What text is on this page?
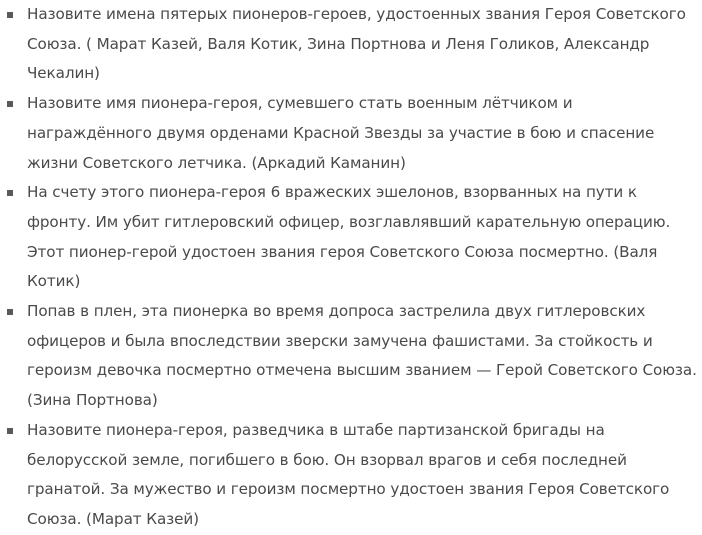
Назовите имена пятерых пионеров-героев, удостоенных звания Героя Советского Союза. ( Марат Казей, Валя Котик, Зина Портнова и Леня Голиков, Александр Чекалин)
Назовите имя пионера-героя, сумевшего стать военным лётчиком и награждённого двумя орденами Красной Звезды за участие в бою и спасение жизни Советского летчика. (Аркадий Каманин)
На счету этого пионера-героя 6 вражеских эшелонов, взорванных на пути к фронту. Им убит гитлеровский офицер, возглавлявший карательную операцию. Этот пионер-герой удостоен звания героя Советского Союза посмертно. (Валя Котик)
Попав в плен, эта пионерка во время допроса застрелила двух гитлеровских офицеров и была впоследствии зверски замучена фашистами. За стойкость и героизм девочка посмертно отмечена высшим званием — Герой Советского Союза. (Зина Портнова)
Назовите пионера-героя, разведчика в штабе партизанской бригады на белорусской земле, погибшего в бою. Он взорвал врагов и себя последней гранатой. За мужество и героизм посмертно удостоен звания Героя Советского Союза. (Марат Казей)
